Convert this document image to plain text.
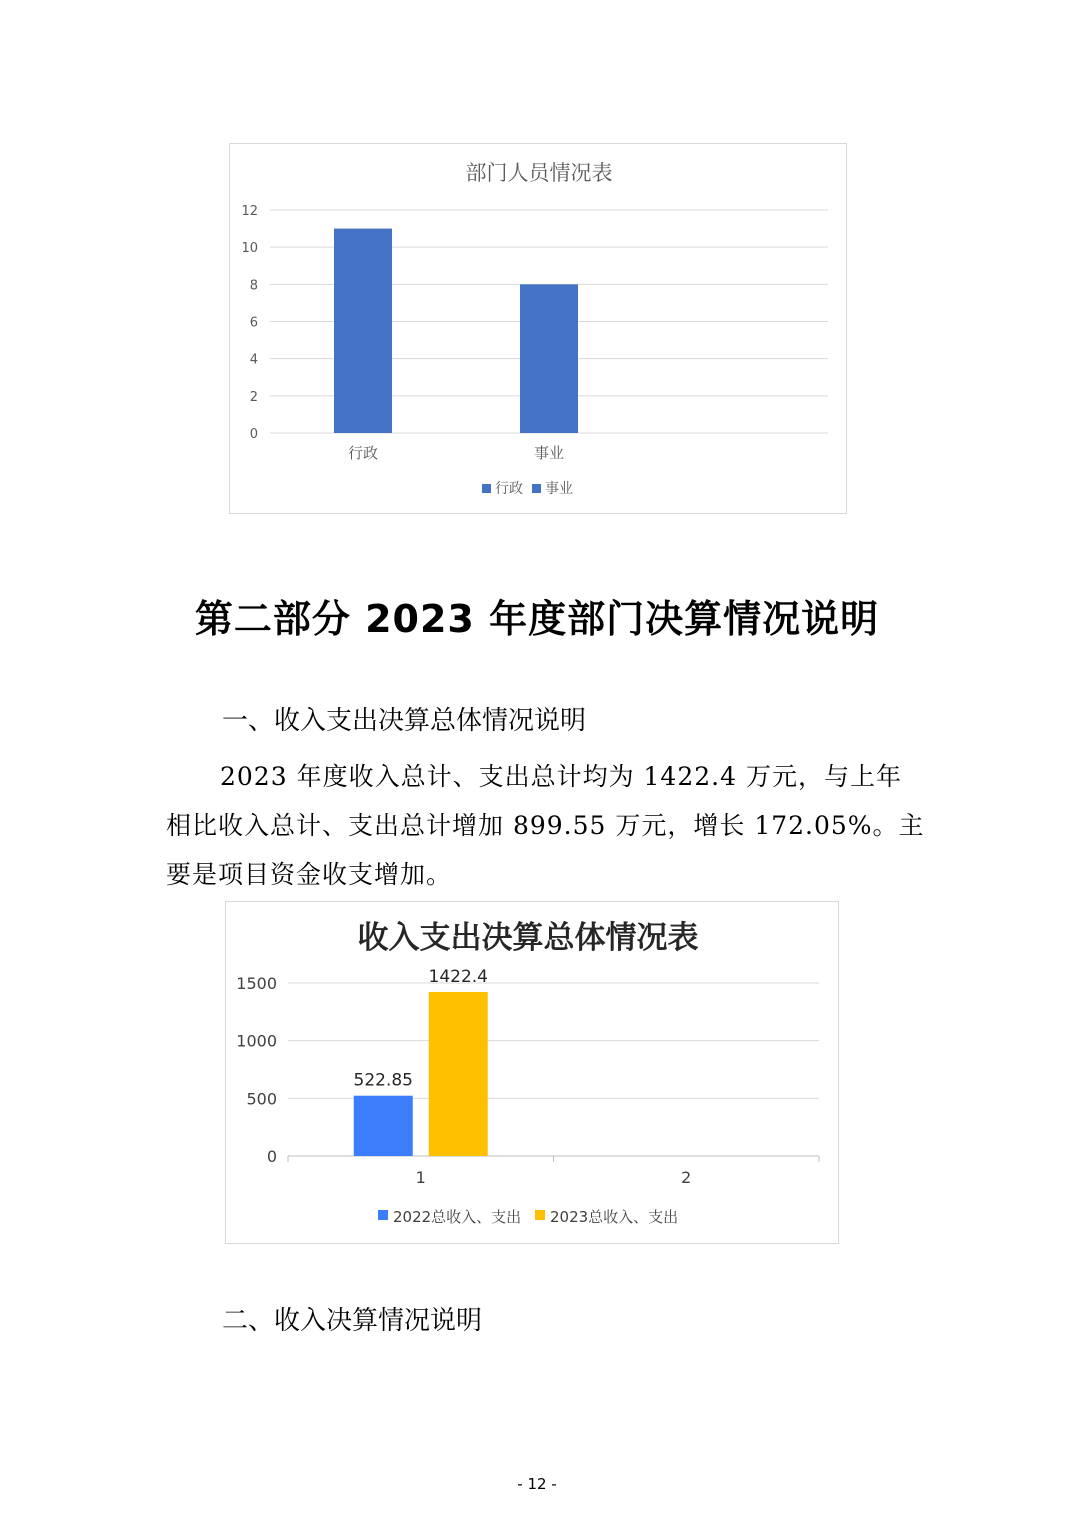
部门人员情况表
0
2
4
6
8
10
12
行政	事业
行政 事业
第二部分 2023 年度部门决算情况说明
一、收入支出决算总体情况说明
2023 年度收入总计、支出总计均为 1422.4 万元，与上年相比收入总计、支出总计增加 899.55 万元，增长 172.05%。主要是项目资金收支增加。
收入支出决算总体情况表
0
500
1000
1500
1
522.85
1422.4
2
2022总收入、支出 2023总收入、支出
二、收入决算情况说明
- 12 -
